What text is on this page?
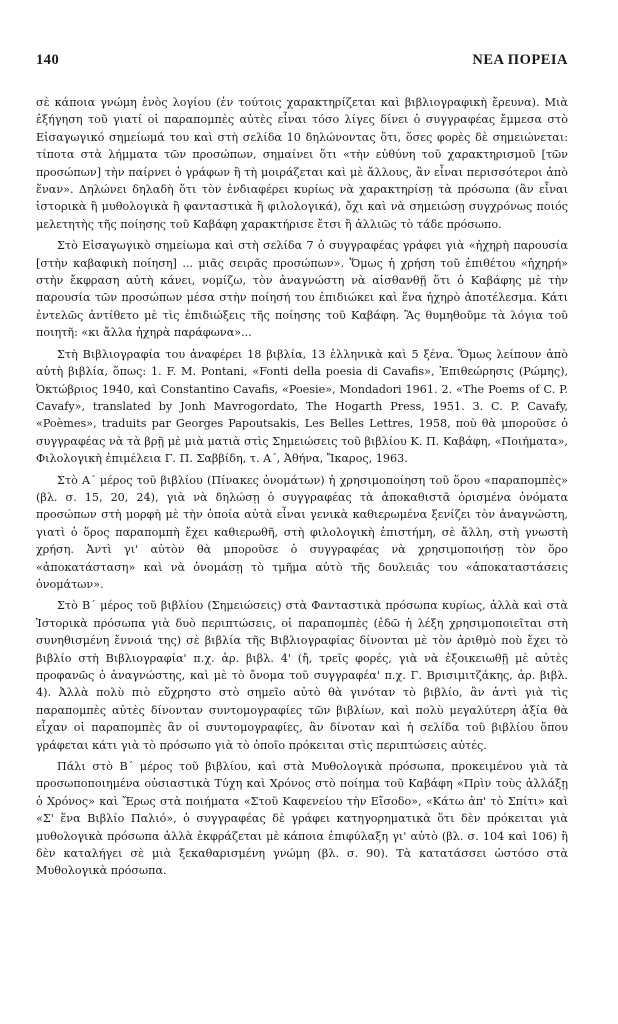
140	ΝΕΑ ΠΟΡΕΙΑ

σὲ κάποια γνώμη ἑνὸς λογίου (ἐν τούτοις χαρακτηρίζεται καὶ βιβλιογραφικὴ ἔρευνα). Μιὰ ἐξήγηση τοῦ γιατί οἱ παραπομπὲς αὐτὲς εἶναι τόσο λίγες δίνει ὁ συγγραφέας ἔμμεσα στὸ Εἰσαγωγικό σημείωμά του καὶ στὴ σελίδα 10 δηλώνοντας ὅτι, ὅσες φορὲς δὲ σημειώνεται: τίποτα στὰ λήμματα τῶν προσώπων, σημαίνει ὅτι «τὴν εὐθύνη τοῦ χαρακτηρισμοῦ [τῶν προσώπων] τὴν παίρνει ὁ γράφων ἢ τὴ μοιράζεται καὶ μὲ ἄλλους, ἂν εἶναι περισσότεροι ἀπὸ ἕναν». Δηλώνει δηλαδὴ ὅτι τὸν ἐνδιαφέρει κυρίως νὰ χαρακτηρίσῃ τὰ πρόσωπα (ἂν εἶναι ἱστορικὰ ἢ μυθολογικὰ ἢ φανταστικὰ ἢ φιλολογικά), ὄχι καὶ νὰ σημειώσῃ συγχρόνως ποιός μελετητὴς τῆς ποίησης τοῦ Καβάφη χαρακτήρισε ἔτσι ἢ ἀλλιῶς τὸ τάδε πρόσωπο.

Στὸ Εἰσαγωγικὸ σημείωμα καὶ στὴ σελίδα 7 ὁ συγγραφέας γράφει γιὰ «ἠχηρὴ παρουσία [στὴν καβαφικὴ ποίηση] ... μιᾶς σειρᾶς προσώπων». Ὅμως ἡ χρήση τοῦ ἐπιθέτου «ἠχηρή» στὴν ἔκφραση αὐτὴ κάνει, νομίζω, τὸν ἀναγνώστη νὰ αἰσθανθῇ ὅτι ὁ Καβάφης μὲ τὴν παρουσία τῶν προσώπων μέσα στὴν ποίησή του ἐπιδιώκει καὶ ἕνα ἠχηρὸ ἀποτέλεσμα. Κάτι ἐντελῶς ἀντίθετο μὲ τὶς ἐπιδιώξεις τῆς ποίησης τοῦ Καβάφη. Ἂς θυμηθοῦμε τὰ λόγια τοῦ ποιητῆ: «κι ἄλλα ἠχηρὰ παράφωνα»...

Στὴ Βιβλιογραφία του ἀναφέρει 18 βιβλία, 13 ἑλληνικὰ καὶ 5 ξένα. Ὅμως λείπουν ἀπὸ αὐτὴ βιβλία, ὅπως: 1. F. M. Pontani, «Fonti della poesia di Cavafis», Ἐπιθεώρησις (Ρώμης), Ὀκτώβριος 1940, καὶ Constantino Cavafis, «Poesie», Mondadori 1961. 2. «The Poems of C. P. Cavafy», translated by Jonh Mavrogordato, The Hogarth Press, 1951. 3. C. P. Cavafy, «Poèmes», traduits par Georges Papoutsakis, Les Belles Lettres, 1958, ποὺ θὰ μποροῦσε ὁ συγγραφέας νὰ τὰ βρῇ μὲ μιὰ ματιὰ στὶς Σημειώσεις τοῦ βιβλίου Κ. Π. Καβάφη, «Ποιήματα», Φιλολογικὴ ἐπιμέλεια Γ. Π. Σαββίδη, τ. Α΄, Ἀθήνα, Ἴκαρος, 1963.

Στὸ Α΄ μέρος τοῦ βιβλίου (Πίνακες ὀνομάτων) ἡ χρησιμοποίηση τοῦ ὅρου «παραπομπὲς» (βλ. σ. 15, 20, 24), γιὰ νὰ δηλώσῃ ὁ συγγραφέας τὰ ἀποκαθιστᾶ ὁρισμένα ὀνόματα προσώπων στὴ μορφὴ μὲ τὴν ὁποία αὐτὰ εἶναι γενικὰ καθιερωμένα ξενίζει τὸν ἀναγνώστη, γιατὶ ὁ ὅρος παραπομπὴ ἔχει καθιερωθῆ, στὴ φιλολογικὴ ἐπιστήμη, σὲ ἄλλη, στὴ γνωστὴ χρήση. Ἀντὶ γι' αὐτὸν θὰ μποροῦσε ὁ συγγραφέας νὰ χρησιμοποιήσῃ τὸν ὅρο «ἀποκατάσταση» καὶ νὰ ὀνομάσῃ τὸ τμῆμα αὐτὸ τῆς δουλειᾶς του «ἀποκαταστάσεις ὀνομάτων».

Στὸ Β΄ μέρος τοῦ βιβλίου (Σημειώσεις) στὰ Φανταστικὰ πρόσωπα κυρίως, ἀλλὰ καὶ στὰ Ἱστορικὰ πρόσωπα γιὰ δυὸ περιπτώσεις, οἱ παραπομπὲς (ἐδῶ ἡ λέξη χρησιμοποιεῖται στὴ συνηθισμένη ἔννοιά της) σὲ βιβλία τῆς Βιβλιογραφίας δίνονται μὲ τὸν ἀριθμὸ ποὺ ἔχει τὸ βιβλίο στὴ Βιβλιογραφία' π.χ. ἀρ. βιβλ. 4' (ἤ, τρεῖς φορές, γιὰ νὰ ἐξοικειωθῇ μὲ αὐτὲς προφανῶς ὁ ἀναγνώστης, καὶ μὲ τὸ ὄνομα τοῦ συγγραφέα' π.χ. Γ. Βρισιμιτζάκης, ἀρ. βιβλ. 4). Ἀλλὰ πολὺ πιὸ εὔχρηστο στὸ σημεῖο αὐτὸ θὰ γινόταν τὸ βιβλίο, ἂν ἀντὶ γιὰ τὶς παραπομπὲς αὐτὲς δίνονταν συντομογραφίες τῶν βιβλίων, καὶ πολὺ μεγαλύτερη ἀξία θὰ εἶχαν οἱ παραπομπὲς ἂν οἱ συντομογραφίες, ἂν δίνοταν καὶ ἡ σελίδα τοῦ βιβλίου ὅπου γράφεται κάτι γιὰ τὸ πρόσωπο γιὰ τὸ ὁποῖο πρόκειται στὶς περιπτώσεις αὐτές.

Πάλι στὸ Β΄ μέρος τοῦ βιβλίου, καὶ στὰ Μυθολογικὰ πρόσωπα, προκειμένου γιὰ τὰ προσωποποιημένα οὐσιαστικὰ Τύχη καὶ Χρόνος στὸ ποίημα τοῦ Καβάφη «Πρὶν τοὺς ἀλλάξῃ ὁ Χρόνος» καὶ Ἔρως στὰ ποιήματα «Στοῦ Καφενείου τὴν Εἴσοδο», «Κάτω ἀπ' τὸ Σπίτι» καὶ «Σ' ἕνα Βιβλίο Παλιό», ὁ συγγραφέας δὲ γράφει κατηγορηματικὰ ὅτι δὲν πρόκειται γιὰ μυθολογικὰ πρόσωπα ἀλλὰ ἐκφράζεται μὲ κάποια ἐπιφύλαξη γι' αὐτὸ (βλ. σ. 104 καὶ 106) ἢ δὲν καταλήγει σὲ μιὰ ξεκαθαρισμένη γνώμη (βλ. σ. 90). Τὰ κατατάσσει ὡστόσο στὰ Μυθολογικὰ πρόσωπα.
